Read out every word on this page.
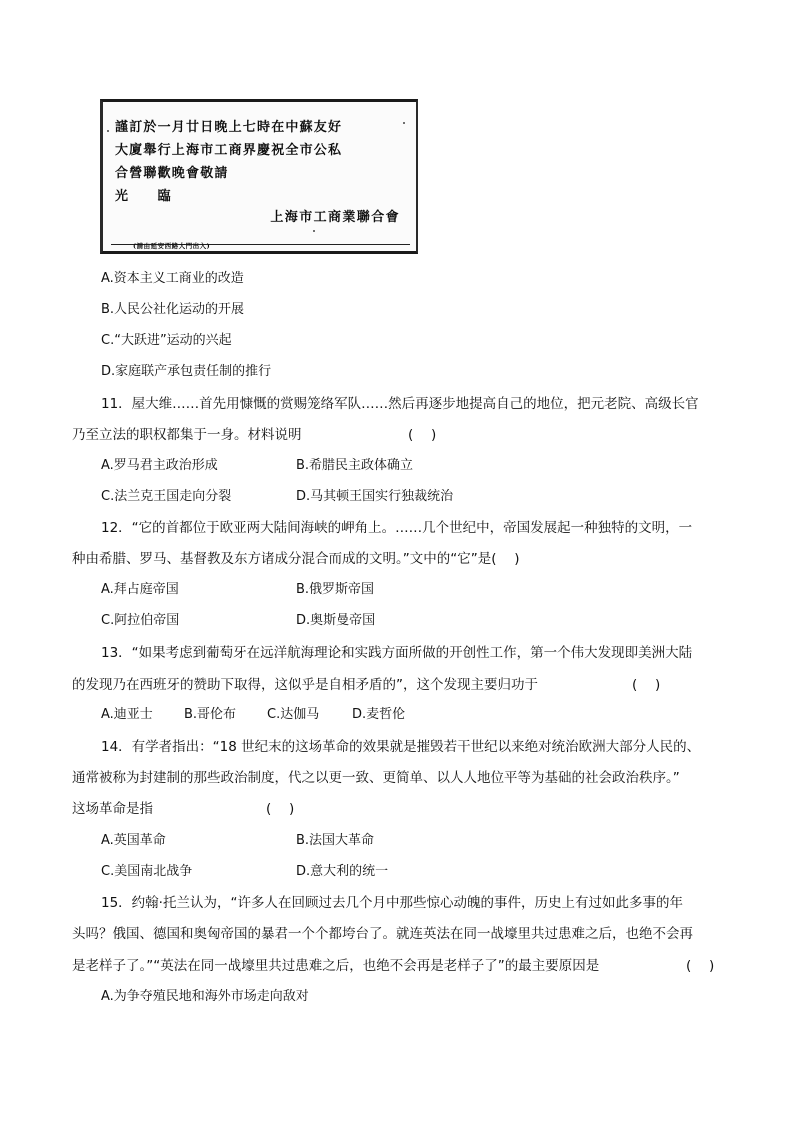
謹訂於一月廿日晚上七時在中蘇友好
大廈舉行上海市工商界慶祝全市公私
合營聯歡晚會敬請
光　　臨
上海市工商業聯合會
(請由延安西路大門出入)
A.资本主义工商业的改造
B.人民公社化运动的开展
C.“大跃进”运动的兴起
D.家庭联产承包责任制的推行
11．屋大维……首先用慷慨的赏赐笼络军队……然后再逐步地提高自己的地位，把元老院、高级长官
乃至立法的职权都集于一身。材料说明	(　 )
A.罗马君主政治形成	B.希腊民主政体确立
C.法兰克王国走向分裂	D.马其顿王国实行独裁统治
12．“它的首都位于欧亚两大陆间海峡的岬角上。……几个世纪中，帝国发展起一种独特的文明，一
种由希腊、罗马、基督教及东方诸成分混合而成的文明。”文中的“它”是(　 )
A.拜占庭帝国	B.俄罗斯帝国
C.阿拉伯帝国	D.奥斯曼帝国
13．“如果考虑到葡萄牙在远洋航海理论和实践方面所做的开创性工作，第一个伟大发现即美洲大陆
的发现乃在西班牙的赞助下取得，这似乎是自相矛盾的”，这个发现主要归功于	(　 )
A.迪亚士 B.哥伦布 C.达伽马	D.麦哲伦
14．有学者指出：“18 世纪末的这场革命的效果就是摧毁若干世纪以来绝对统治欧洲大部分人民的、
通常被称为封建制的那些政治制度，代之以更一致、更简单、以人人地位平等为基础的社会政治秩序。”
这场革命是指	(　 )
A.英国革命	B.法国大革命
C.美国南北战争	D.意大利的统一
15．约翰·托兰认为，“许多人在回顾过去几个月中那些惊心动魄的事件，历史上有过如此多事的年
头吗？俄国、德国和奥匈帝国的暴君一个个都垮台了。就连英法在同一战壕里共过患难之后，也绝不会再
是老样子了。”“英法在同一战壕里共过患难之后，也绝不会再是老样子了”的最主要原因是	(　 )
A.为争夺殖民地和海外市场走向敌对
